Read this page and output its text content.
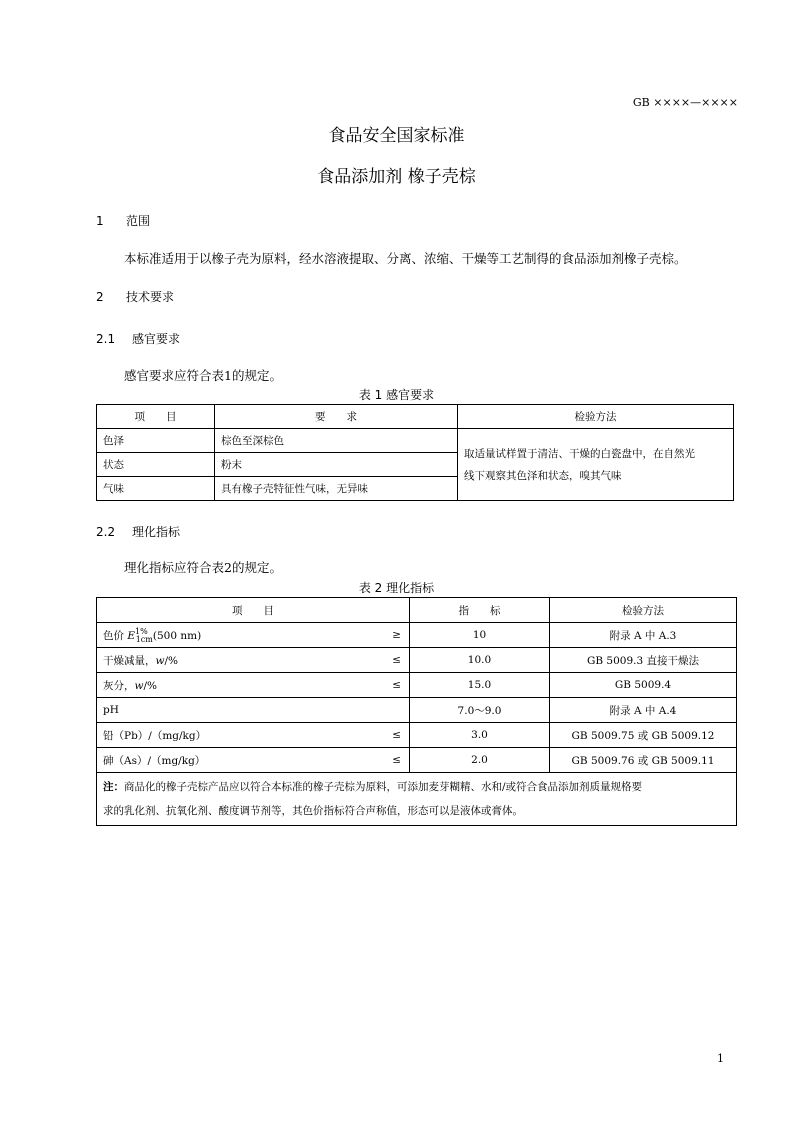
GB ××××—××××
食品安全国家标准
食品添加剂 橡子壳棕
1 范围
本标准适用于以橡子壳为原料，经水溶液提取、分离、浓缩、干燥等工艺制得的食品添加剂橡子壳棕。
2 技术要求
2.1 感官要求
感官要求应符合表1的规定。
表 1 感官要求
项　　目	要　　求	检验方法
色泽	棕色至深棕色	取适量试样置于清洁、干燥的白瓷盘中，在自然光
线下观察其色泽和状态，嗅其气味
状态	粉末	
气味	具有橡子壳特征性气味，无异味	
2.2 理化指标
理化指标应符合表2的规定。
表 2 理化指标
项　　目	指　　标	检验方法
色价 $E^{1\%}_{1cm}(500$ nm) ≥	10	附录 A 中 A.3
干燥减量，w/% ≤	10.0	GB 5009.3 直接干燥法
灰分，w/% ≤	15.0	GB 5009.4
pH	7.0～9.0	附录 A 中 A.4
铅（Pb）/（mg/kg） ≤	3.0	GB 5009.75 或 GB 5009.12
砷（As）/（mg/kg） ≤	2.0	GB 5009.76 或 GB 5009.11
注：商品化的橡子壳棕产品应以符合本标准的橡子壳棕为原料，可添加麦芽糊精、水和/或符合食品添加剂质量规格要
求的乳化剂、抗氧化剂、酸度调节剂等，其色价指标符合声称值，形态可以是液体或膏体。		
1
